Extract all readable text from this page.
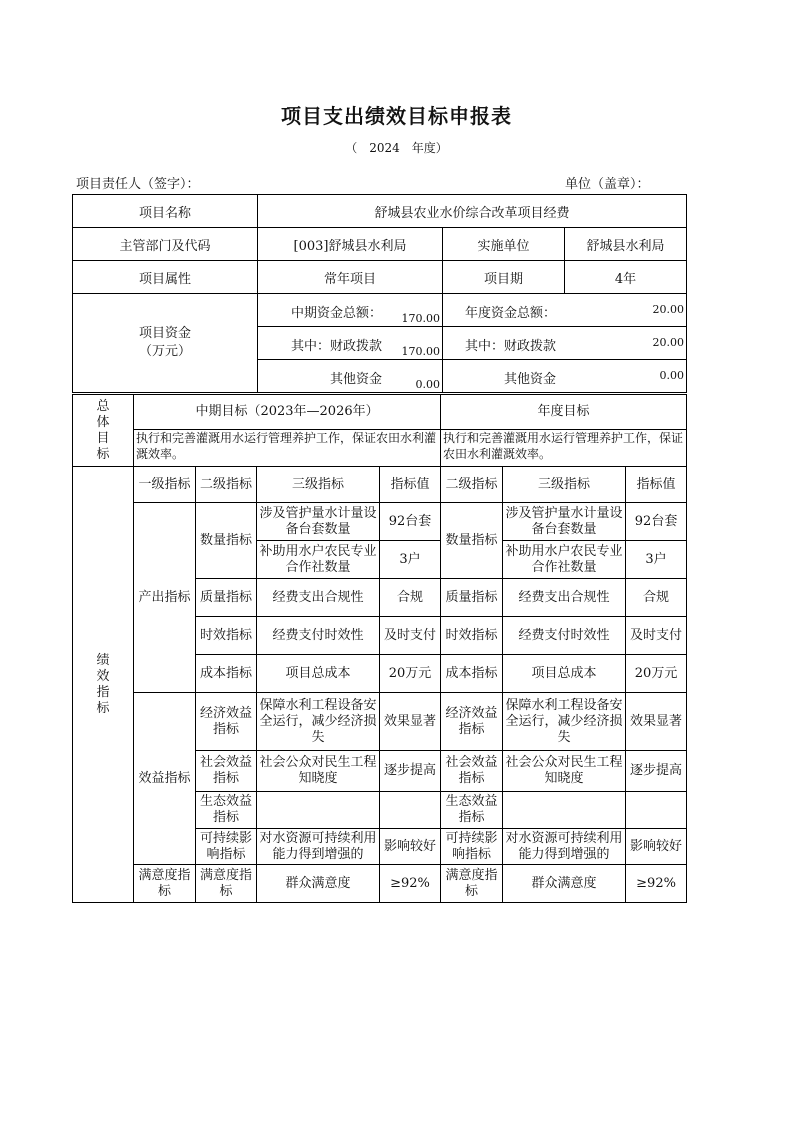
项目支出绩效目标申报表
（　2024　年度）
项目责任人（签字）：	单位（盖章）：
项目名称	舒城县农业水价综合改革项目经费		
主管部门及代码	[003]舒城县水利局	实施单位	舒城县水利局
项目属性	常年项目	项目期	4年
项目资金
（万元）	中期资金总额： 170.00	年度资金总额： 20.00	

	其中：财政拨款 170.00	其中：财政拨款 20.00	

	其他资金 0.00	其他资金 0.00	
总
体
目
标	中期目标（2023年—2026年）				年度目标		
	执行和完善灌溉用水运行管理养护工作，保证农田水利灌溉效率。				执行和完善灌溉用水运行管理养护工作，保证农田水利灌溉效率。		
绩
效
指
标	一级指标	二级指标	三级指标	指标值	二级指标	三级指标	指标值
	产出指标	数量指标	涉及管护量水计量设备台套数量	92台套	数量指标	涉及管护量水计量设备台套数量	92台套
			补助用水户农民专业合作社数量	3户		补助用水户农民专业合作社数量	3户
		质量指标	经费支出合规性	合规	质量指标	经费支出合规性	合规
		时效指标	经费支付时效性	及时支付	时效指标	经费支付时效性	及时支付
		成本指标	项目总成本	20万元	成本指标	项目总成本	20万元
	效益指标	经济效益指标	保障水利工程设备安全运行，减少经济损失	效果显著	经济效益指标	保障水利工程设备安全运行，减少经济损失	效果显著
		社会效益指标	社会公众对民生工程知晓度	逐步提高	社会效益指标	社会公众对民生工程知晓度	逐步提高
		生态效益指标			生态效益指标		
		可持续影响指标	对水资源可持续利用能力得到增强的	影响较好	可持续影响指标	对水资源可持续利用能力得到增强的	影响较好
	满意度指标	满意度指标	群众满意度	≥92%	满意度指标	群众满意度	≥92%
